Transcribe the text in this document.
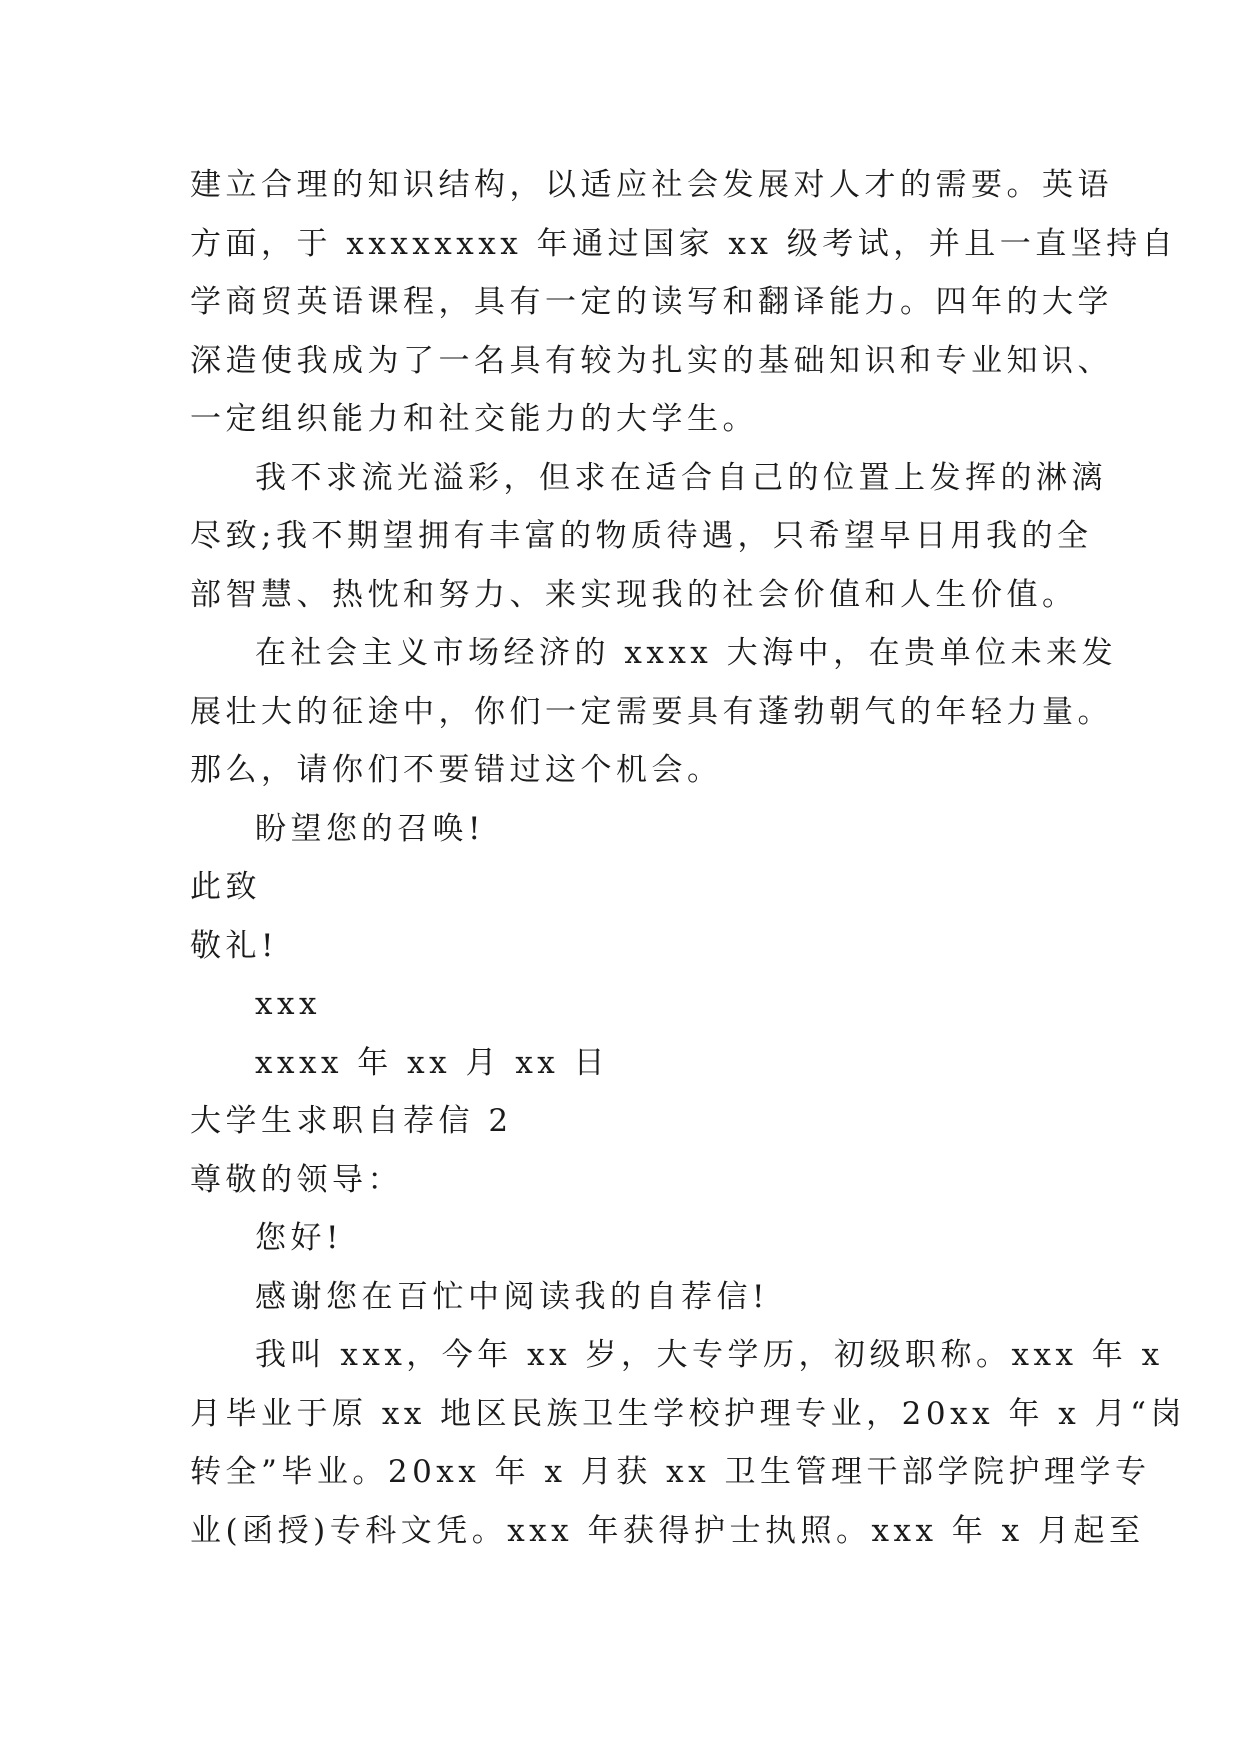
建立合理的知识结构，以适应社会发展对人才的需要。英语
方面，于 xxxxxxxx 年通过国家 xx 级考试，并且一直坚持自
学商贸英语课程，具有一定的读写和翻译能力。四年的大学
深造使我成为了一名具有较为扎实的基础知识和专业知识、
一定组织能力和社交能力的大学生。
我不求流光溢彩，但求在适合自己的位置上发挥的淋漓
尽致;我不期望拥有丰富的物质待遇，只希望早日用我的全
部智慧、热忱和努力、来实现我的社会价值和人生价值。
在社会主义市场经济的 xxxx 大海中，在贵单位未来发
展壮大的征途中，你们一定需要具有蓬勃朝气的年轻力量。
那么，请你们不要错过这个机会。
盼望您的召唤!
此致
敬礼!
xxx
xxxx 年 xx 月 xx 日
大学生求职自荐信 2
尊敬的领导：
您好!
感谢您在百忙中阅读我的自荐信!
我叫 xxx，今年 xx 岁，大专学历，初级职称。xxx 年 x
月毕业于原 xx 地区民族卫生学校护理专业，20xx 年 x 月“岗
转全”毕业。20xx 年 x 月获 xx 卫生管理干部学院护理学专
业(函授)专科文凭。xxx 年获得护士执照。xxx 年 x 月起至
